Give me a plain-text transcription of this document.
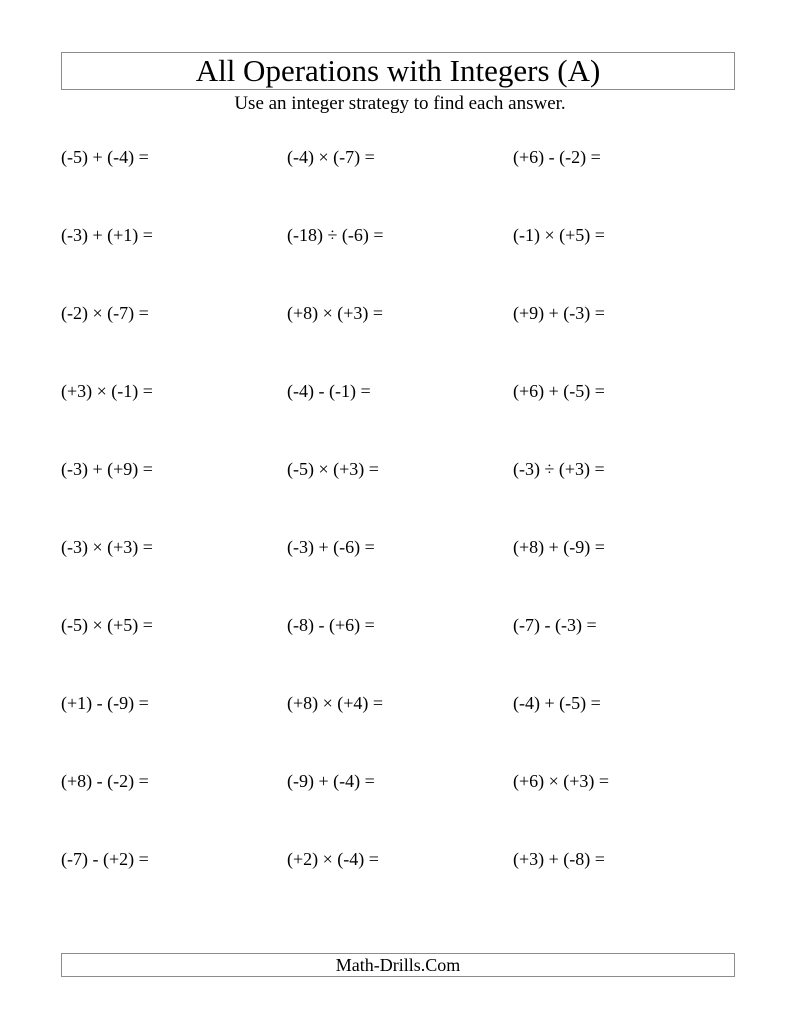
All Operations with Integers (A)
Use an integer strategy to find each answer.
(-5) + (-4) =	(-4) × (-7) =	(+6) - (-2) =
(-3) + (+1) =	(-18) ÷ (-6) =	(-1) × (+5) =
(-2) × (-7) =	(+8) × (+3) =	(+9) + (-3) =
(+3) × (-1) =	(-4) - (-1) =	(+6) + (-5) =
(-3) + (+9) =	(-5) × (+3) =	(-3) ÷ (+3) =
(-3) × (+3) =	(-3) + (-6) =	(+8) + (-9) =
(-5) × (+5) =	(-8) - (+6) =	(-7) - (-3) =
(+1) - (-9) =	(+8) × (+4) =	(-4) + (-5) =
(+8) - (-2) =	(-9) + (-4) =	(+6) × (+3) =
(-7) - (+2) =	(+2) × (-4) =	(+3) + (-8) =
Math-Drills.Com
